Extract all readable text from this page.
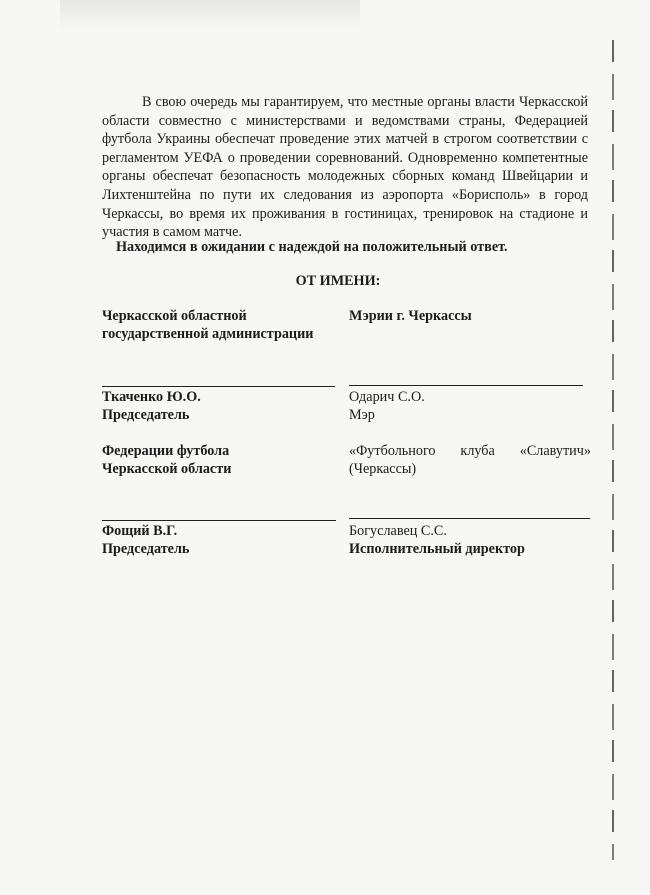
В свою очередь мы гарантируем, что местные органы власти Черкасской области совместно с министерствами и ведомствами страны, Федерацией футбола Украины обеспечат проведение этих матчей в строгом соответствии с регламентом УЕФА о проведении соревнований. Одновременно компетентные органы обеспечат безопасность молодежных сборных команд Швейцарии и Лихтенштейна по пути их следования из аэропорта «Борисполь» в город Черкассы, во время их проживания в гостиницах, тренировок на стадионе и участия в самом матче.

Находимся в ожидании с надеждой на положительный ответ.

ОТ ИМЕНИ:

Черкасской областной
государственной администрации
Мэрии г. Черкассы
Ткаченко Ю.О.
Председатель
Одарич С.О.
Мэр
Федерации футбола
Черкасской области

«Футбольного клуба «Славутич»

(Черкассы)

Фощий В.Г.
Председатель
Богуславец С.С.
Исполнительный директор
